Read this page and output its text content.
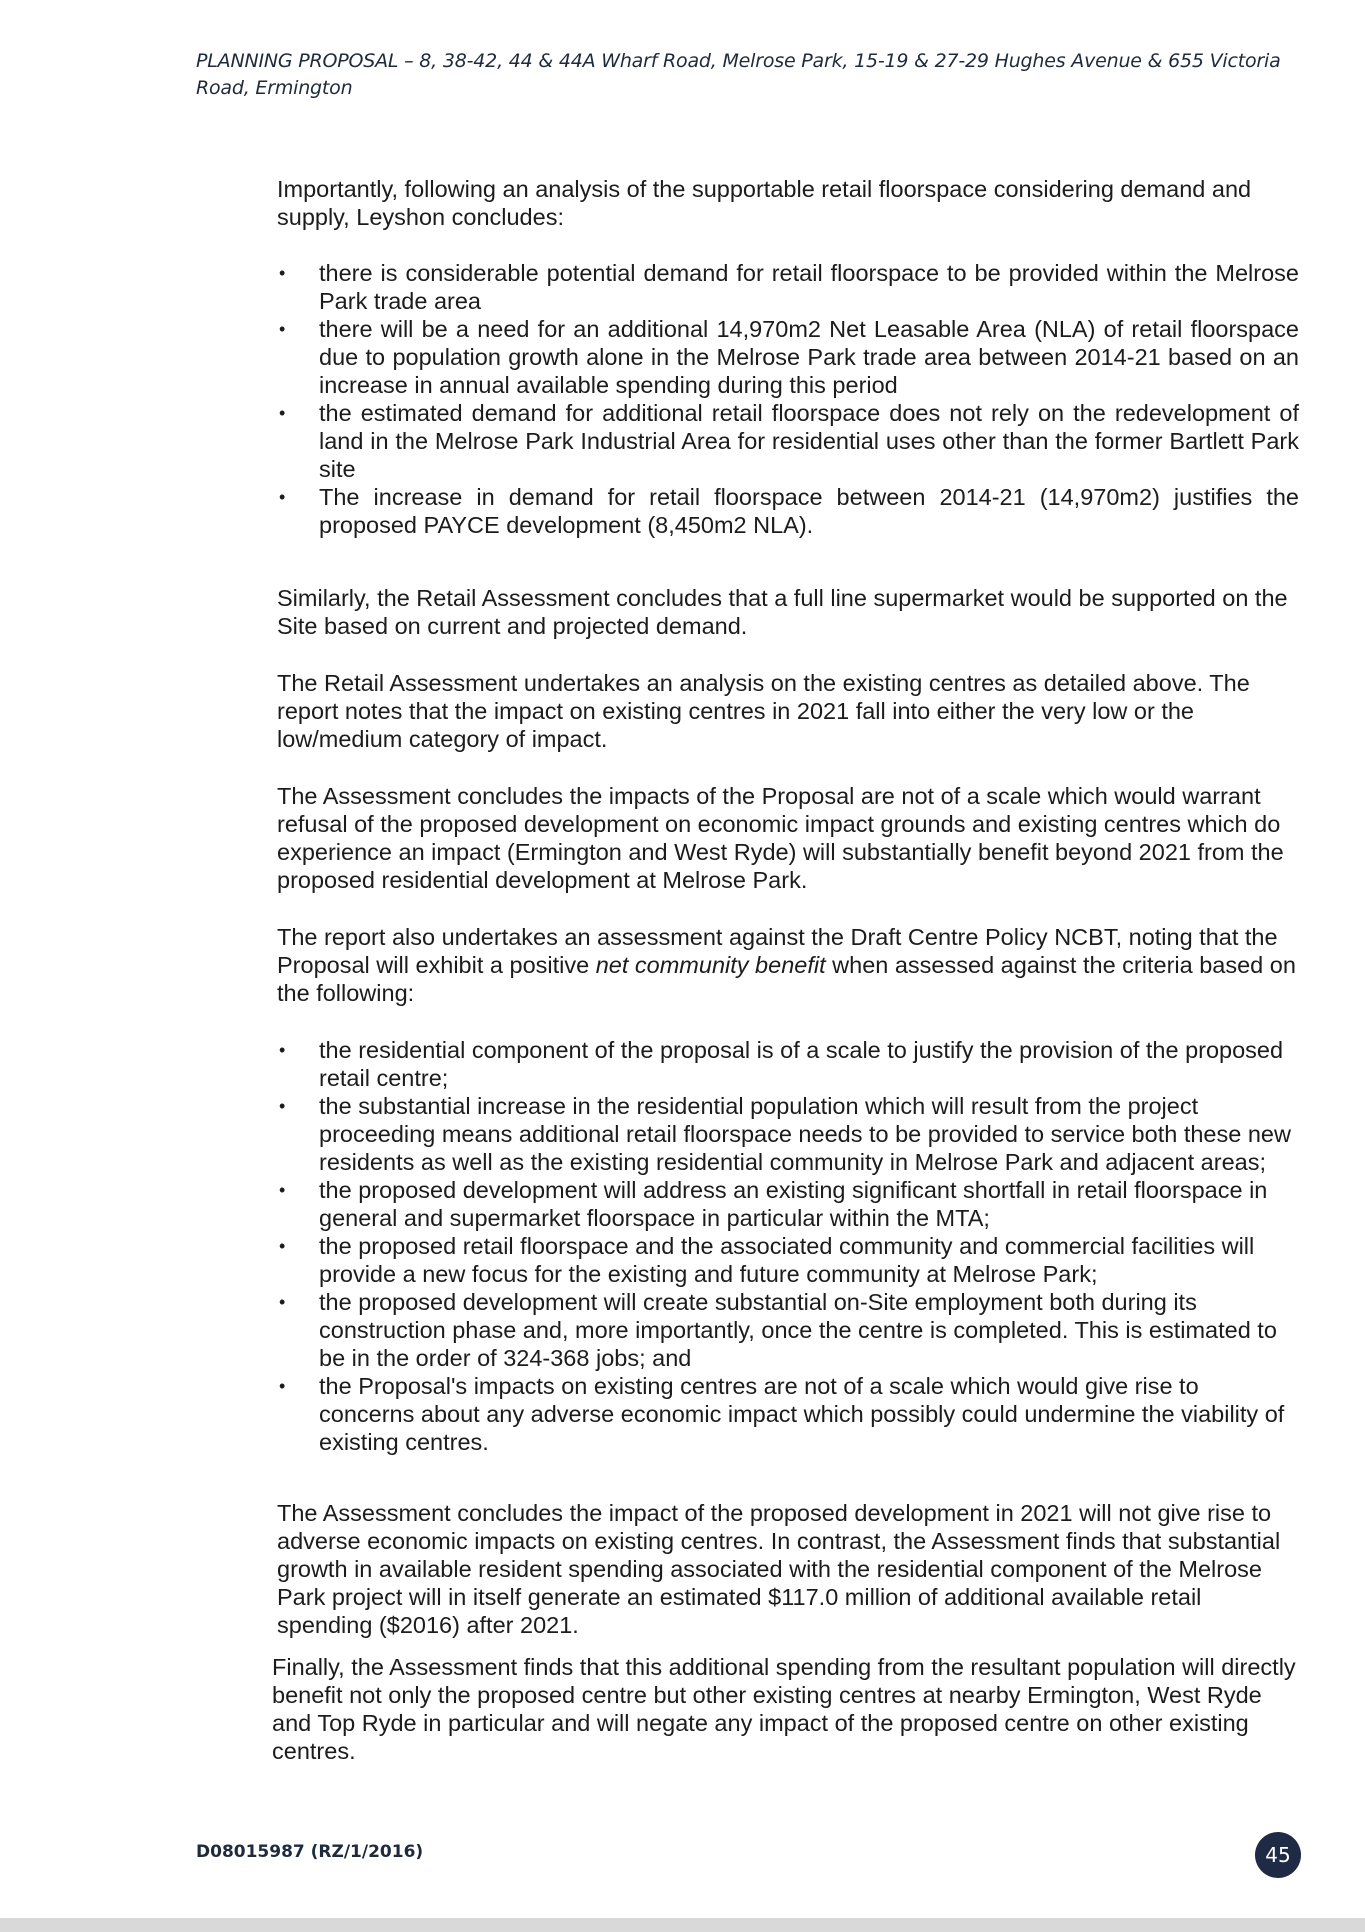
PLANNING PROPOSAL – 8, 38-42, 44 & 44A Wharf Road, Melrose Park, 15-19 & 27-29 Hughes Avenue & 655 Victoria Road, Ermington

Importantly, following an analysis of the supportable retail floorspace considering demand and supply, Leyshon concludes:

• there is considerable potential demand for retail floorspace to be provided within the Melrose Park trade area
• there will be a need for an additional 14,970m2 Net Leasable Area (NLA) of retail floorspace due to population growth alone in the Melrose Park trade area between 2014-21 based on an increase in annual available spending during this period
• the estimated demand for additional retail floorspace does not rely on the redevelopment of land in the Melrose Park Industrial Area for residential uses other than the former Bartlett Park site
• The increase in demand for retail floorspace between 2014-21 (14,970m2) justifies the proposed PAYCE development (8,450m2 NLA).

Similarly, the Retail Assessment concludes that a full line supermarket would be supported on the Site based on current and projected demand.

The Retail Assessment undertakes an analysis on the existing centres as detailed above. The report notes that the impact on existing centres in 2021 fall into either the very low or the low/medium category of impact.

The Assessment concludes the impacts of the Proposal are not of a scale which would warrant refusal of the proposed development on economic impact grounds and existing centres which do experience an impact (Ermington and West Ryde) will substantially benefit beyond 2021 from the proposed residential development at Melrose Park.

The report also undertakes an assessment against the Draft Centre Policy NCBT, noting that the Proposal will exhibit a positive net community benefit when assessed against the criteria based on the following:

• the residential component of the proposal is of a scale to justify the provision of the proposed retail centre;
• the substantial increase in the residential population which will result from the project proceeding means additional retail floorspace needs to be provided to service both these new residents as well as the existing residential community in Melrose Park and adjacent areas;
• the proposed development will address an existing significant shortfall in retail floorspace in general and supermarket floorspace in particular within the MTA;
• the proposed retail floorspace and the associated community and commercial facilities will provide a new focus for the existing and future community at Melrose Park;
• the proposed development will create substantial on-Site employment both during its construction phase and, more importantly, once the centre is completed. This is estimated to be in the order of 324-368 jobs; and
• the Proposal's impacts on existing centres are not of a scale which would give rise to concerns about any adverse economic impact which possibly could undermine the viability of existing centres.

The Assessment concludes the impact of the proposed development in 2021 will not give rise to adverse economic impacts on existing centres. In contrast, the Assessment finds that substantial growth in available resident spending associated with the residential component of the Melrose Park project will in itself generate an estimated $117.0 million of additional available retail spending ($2016) after 2021.

Finally, the Assessment finds that this additional spending from the resultant population will directly benefit not only the proposed centre but other existing centres at nearby Ermington, West Ryde and Top Ryde in particular and will negate any impact of the proposed centre on other existing centres.

D08015987 (RZ/1/2016)	45
